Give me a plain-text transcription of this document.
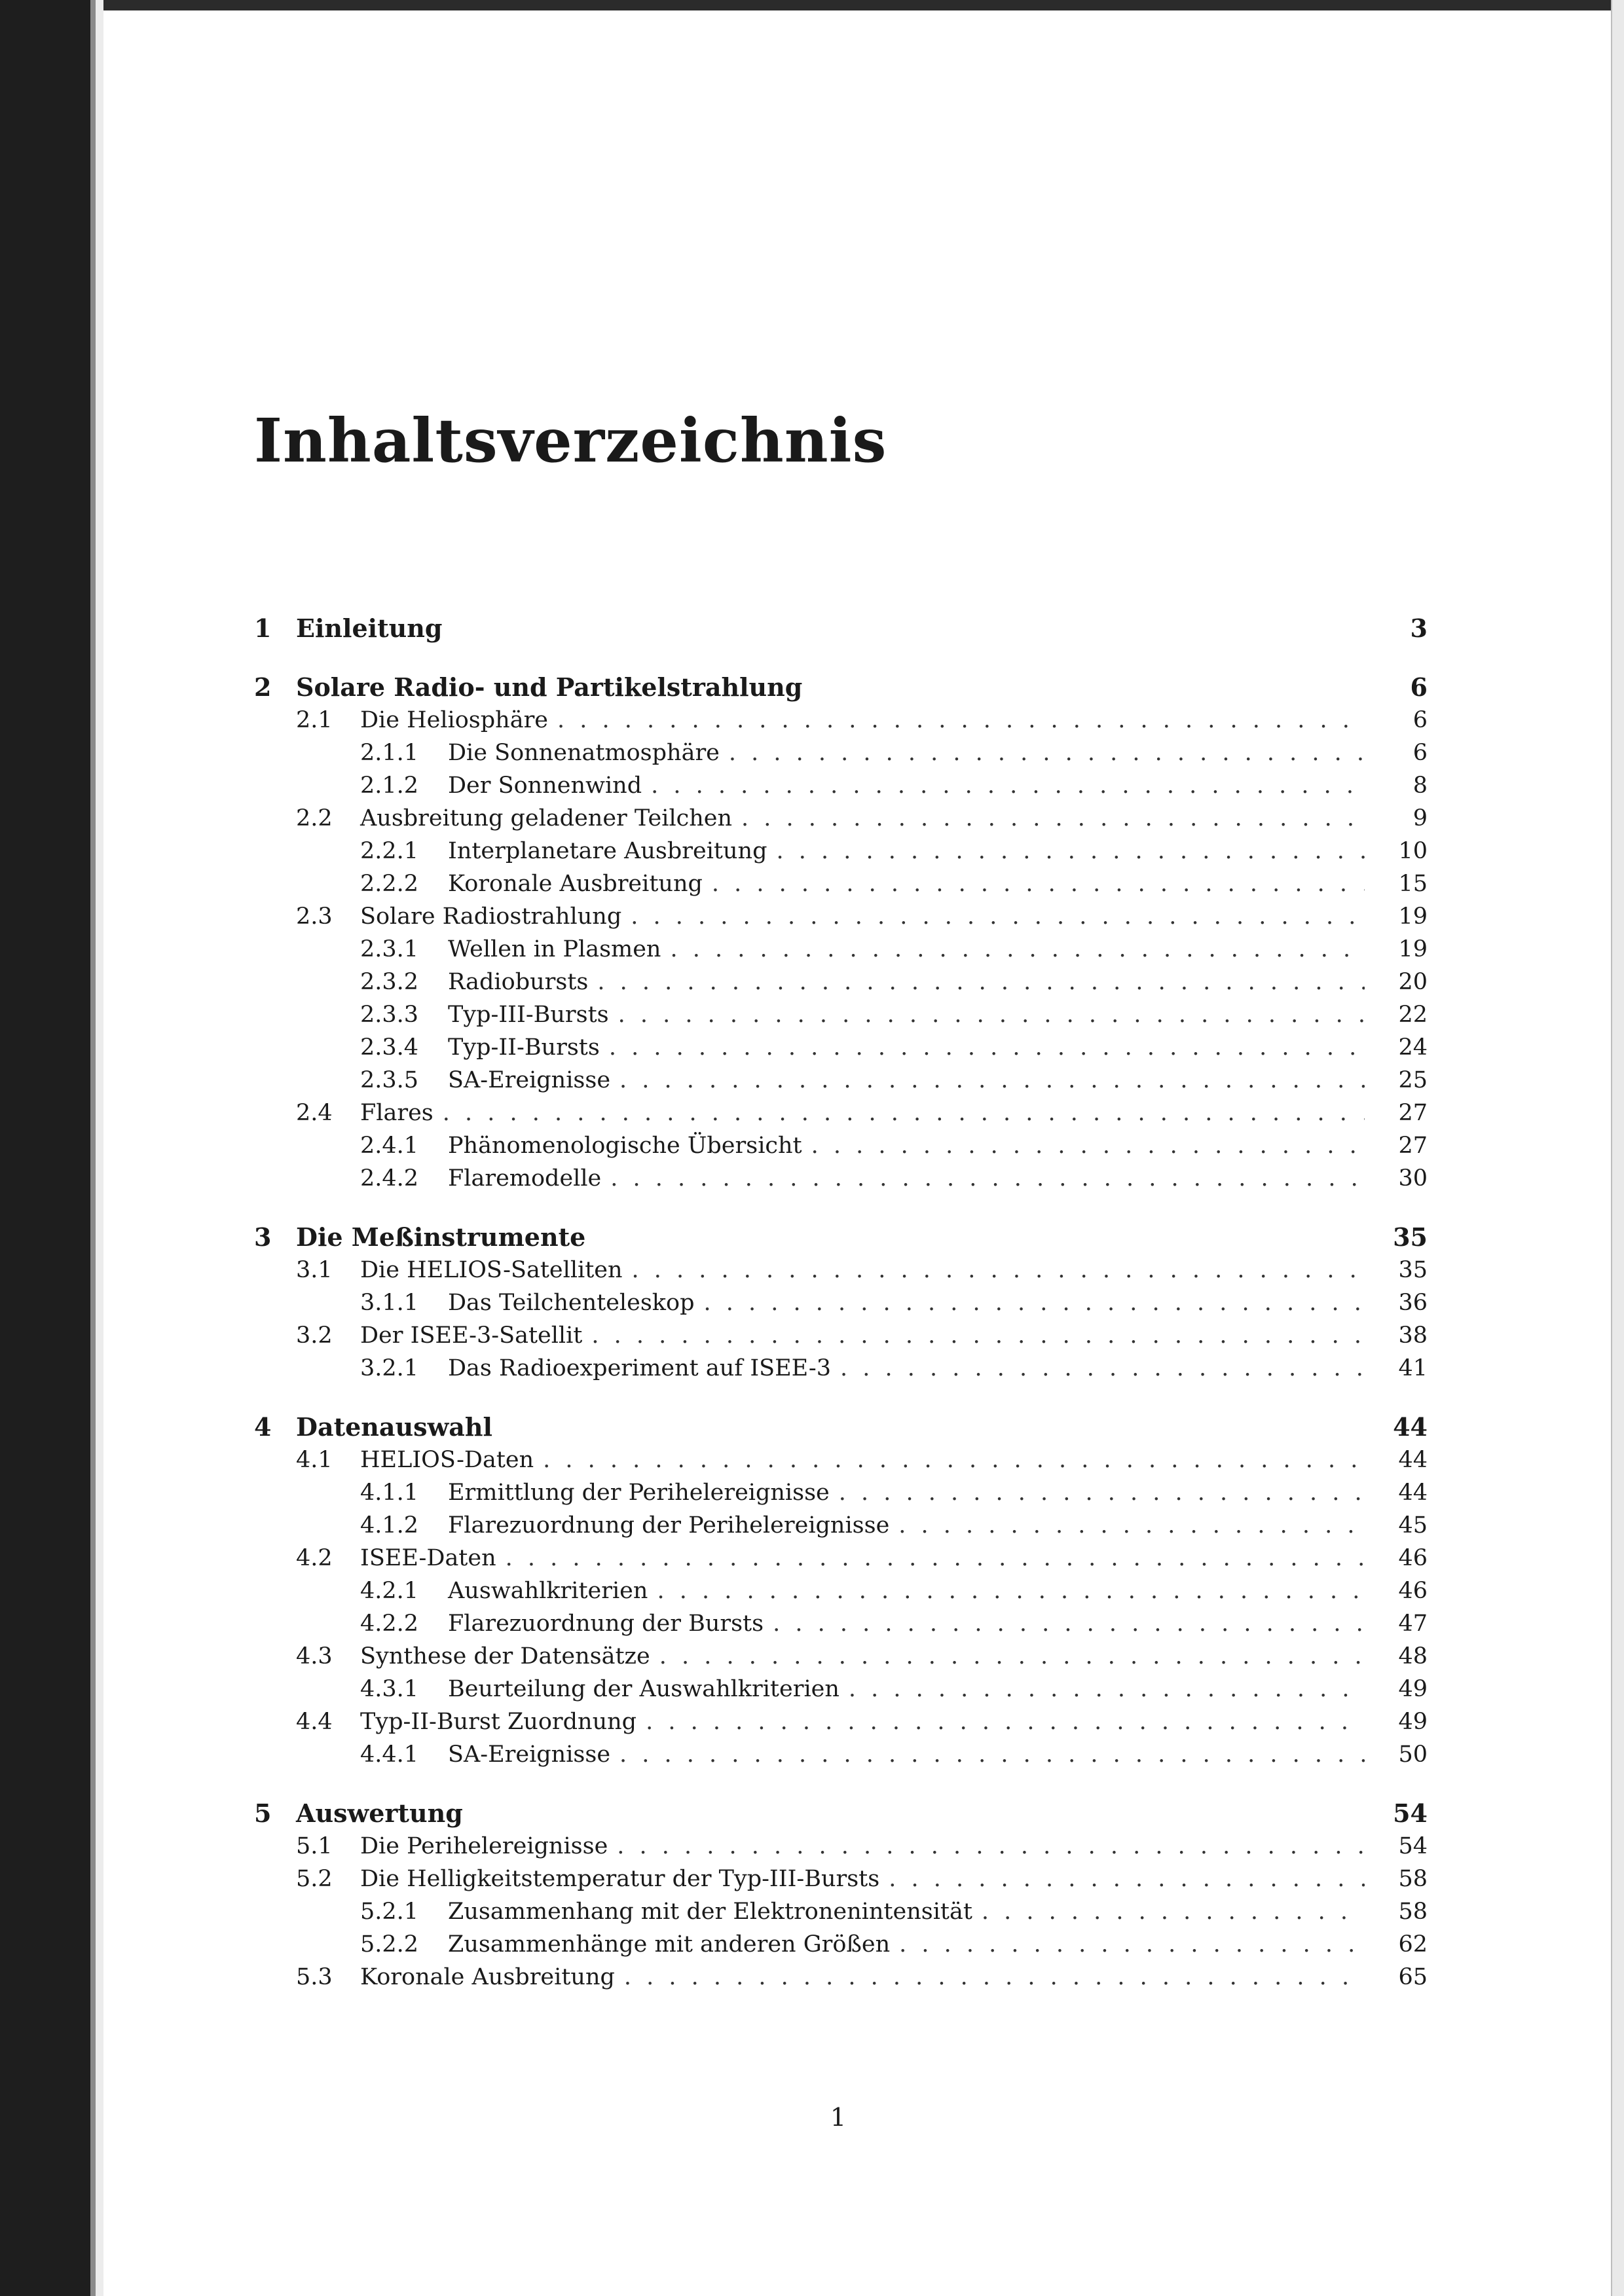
Inhaltsverzeichnis
1 Einleitung	3
2 Solare Radio- und Partikelstrahlung	6
2.1	Die Heliosphäre . . .	6
2.1.1	Die Sonnenatmosphäre . . .	6
2.1.2	Der Sonnenwind . . .	8
2.2	Ausbreitung geladener Teilchen . . .	9
2.2.1	Interplanetare Ausbreitung . . .	10
2.2.2	Koronale Ausbreitung . . .	15
2.3	Solare Radiostrahlung . . .	19
2.3.1	Wellen in Plasmen . . .	19
2.3.2	Radiobursts . . .	20
2.3.3	Typ-III-Bursts . . .	22
2.3.4	Typ-II-Bursts . . .	24
2.3.5	SA-Ereignisse . . .	25
2.4	Flares . . .	27
2.4.1	Phänomenologische Übersicht . . .	27
2.4.2	Flaremodelle . . .	30
3 Die Meßinstrumente	35
3.1	Die HELIOS-Satelliten . . .	35
3.1.1	Das Teilchenteleskop . . .	36
3.2	Der ISEE-3-Satellit . . .	38
3.2.1	Das Radioexperiment auf ISEE-3 . . .	41
4 Datenauswahl	44
4.1	HELIOS-Daten . . .	44
4.1.1	Ermittlung der Perihelereignisse . . .	44
4.1.2	Flarezuordnung der Perihelereignisse . . .	45
4.2	ISEE-Daten . . .	46
4.2.1	Auswahlkriterien . . .	46
4.2.2	Flarezuordnung der Bursts . . .	47
4.3	Synthese der Datensätze . . .	48
4.3.1	Beurteilung der Auswahlkriterien . . .	49
4.4	Typ-II-Burst Zuordnung . . .	49
4.4.1	SA-Ereignisse . . .	50
5 Auswertung	54
5.1	Die Perihelereignisse . . .	54
5.2	Die Helligkeitstemperatur der Typ-III-Bursts . . .	58
5.2.1	Zusammenhang mit der Elektronenintensität . . .	58
5.2.2	Zusammenhänge mit anderen Größen . . .	62
5.3	Koronale Ausbreitung . . .	65
1
